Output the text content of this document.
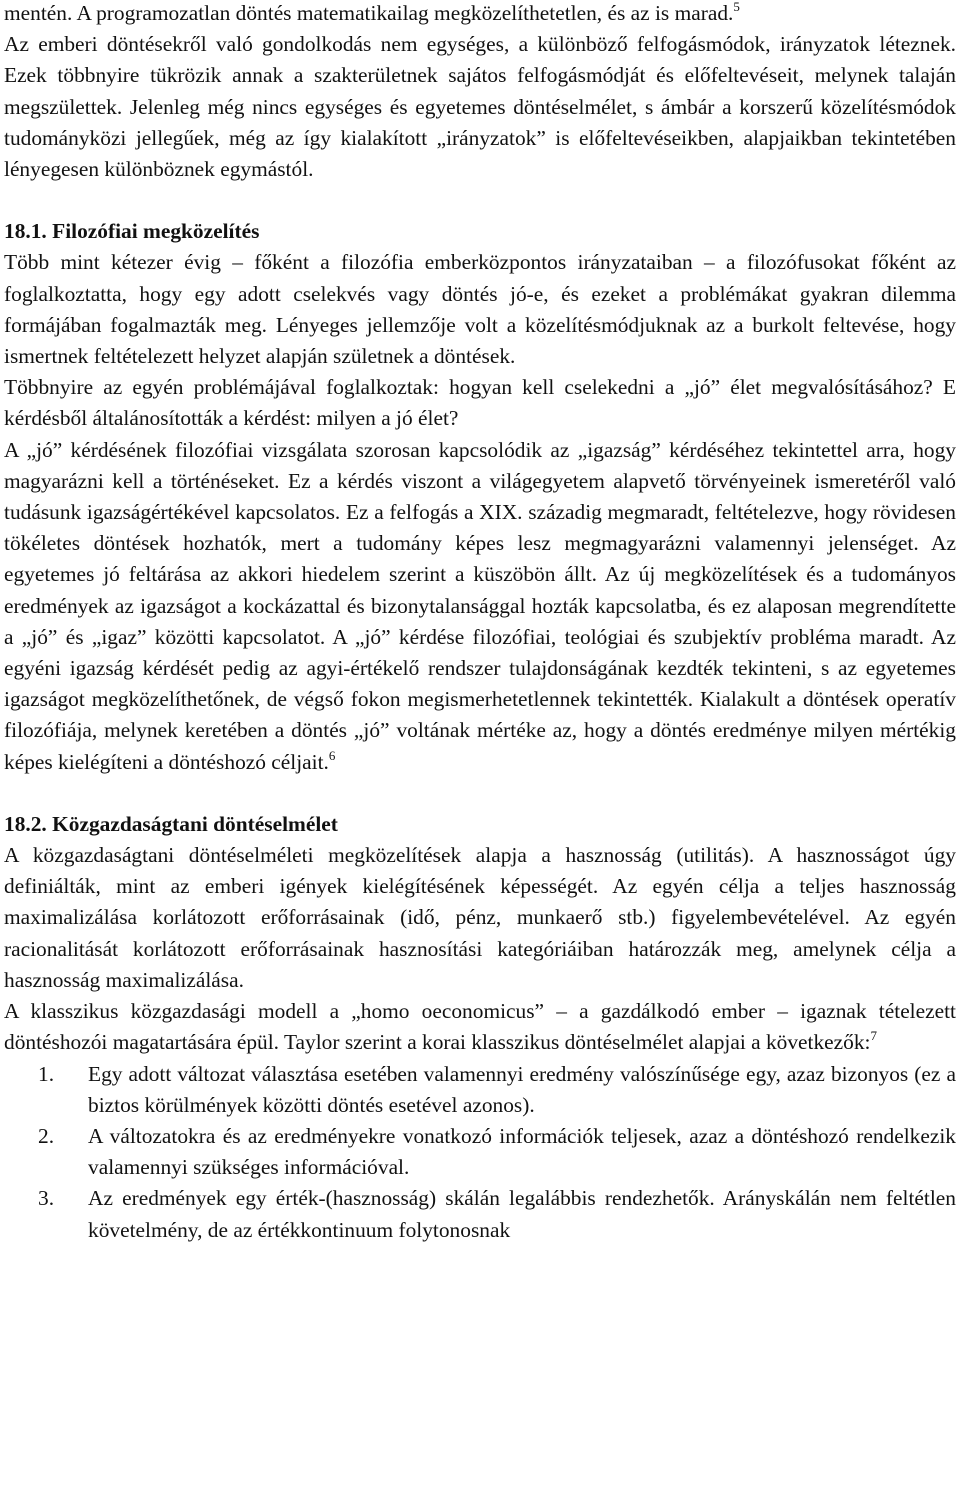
mentén. A programozatlan döntés matematikailag megközelíthetetlen, és az is marad.$^5$

Az emberi döntésekről való gondolkodás nem egységes, a különböző felfogásmódok, irányzatok léteznek. Ezek többnyire tükrözik annak a szakterületnek sajátos felfogásmódját és előfeltevéseit, melynek talaján megszülettek. Jelenleg még nincs egységes és egyetemes döntéselmélet, s ámbár a korszerű közelítésmódok tudományközi jellegűek, még az így kialakított „irányzatok” is előfeltevéseikben, alapjaikban tekintetében lényegesen különböznek egymástól.

18.1. Filozófiai megközelítés

Több mint kétezer évig – főként a filozófia emberközpontos irányzataiban – a filozófusokat főként az foglalkoztatta, hogy egy adott cselekvés vagy döntés jó-e, és ezeket a problémákat gyakran dilemma formájában fogalmazták meg. Lényeges jellemzője volt a közelítésmódjuknak az a burkolt feltevése, hogy ismertnek feltételezett helyzet alapján születnek a döntések.

Többnyire az egyén problémájával foglalkoztak: hogyan kell cselekedni a „jó” élet megvalósításához? E kérdésből általánosították a kérdést: milyen a jó élet?

A „jó” kérdésének filozófiai vizsgálata szorosan kapcsolódik az „igazság” kérdéséhez tekintettel arra, hogy magyarázni kell a történéseket. Ez a kérdés viszont a világegyetem alapvető törvényeinek ismeretéről való tudásunk igazságértékével kapcsolatos. Ez a felfogás a XIX. századig megmaradt, feltételezve, hogy rövidesen tökéletes döntések hozhatók, mert a tudomány képes lesz megmagyarázni valamennyi jelenséget. Az egyetemes jó feltárása az akkori hiedelem szerint a küszöbön állt. Az új megközelítések és a tudományos eredmények az igazságot a kockázattal és bizonytalansággal hozták kapcsolatba, és ez alaposan megrendítette a „jó” és „igaz” közötti kapcsolatot. A „jó” kérdése filozófiai, teológiai és szubjektív probléma maradt. Az egyéni igazság kérdését pedig az agyi-értékelő rendszer tulajdonságának kezdték tekinteni, s az egyetemes igazságot megközelíthetőnek, de végső fokon megismerhetetlennek tekintették. Kialakult a döntések operatív filozófiája, melynek keretében a döntés „jó” voltának mértéke az, hogy a döntés eredménye milyen mértékig képes kielégíteni a döntéshozó céljait.$^6$

18.2. Közgazdaságtani döntéselmélet

A közgazdaságtani döntéselméleti megközelítések alapja a hasznosság (utilitás). A hasznosságot úgy definiálták, mint az emberi igények kielégítésének képességét. Az egyén célja a teljes hasznosság maximalizálása korlátozott erőforrásainak (idő, pénz, munkaerő stb.) figyelembevételével. Az egyén racionalitását korlátozott erőforrásainak hasznosítási kategóriáiban határozzák meg, amelynek célja a hasznosság maximalizálása.

A klasszikus közgazdasági modell a „homo oeconomicus” – a gazdálkodó ember – igaznak tételezett döntéshozói magatartására épül. Taylor szerint a korai klasszikus döntéselmélet alapjai a következők:$^7$

1. Egy adott változat választása esetében valamennyi eredmény valószínűsége egy, azaz bizonyos (ez a biztos körülmények közötti döntés esetével azonos).
2. A változatokra és az eredményekre vonatkozó információk teljesek, azaz a döntéshozó rendelkezik valamennyi szükséges információval.
3. Az eredmények egy érték-(hasznosság) skálán legalábbis rendezhetők. Arányskálán nem feltétlen követelmény, de az értékkontinuum folytonosnak
